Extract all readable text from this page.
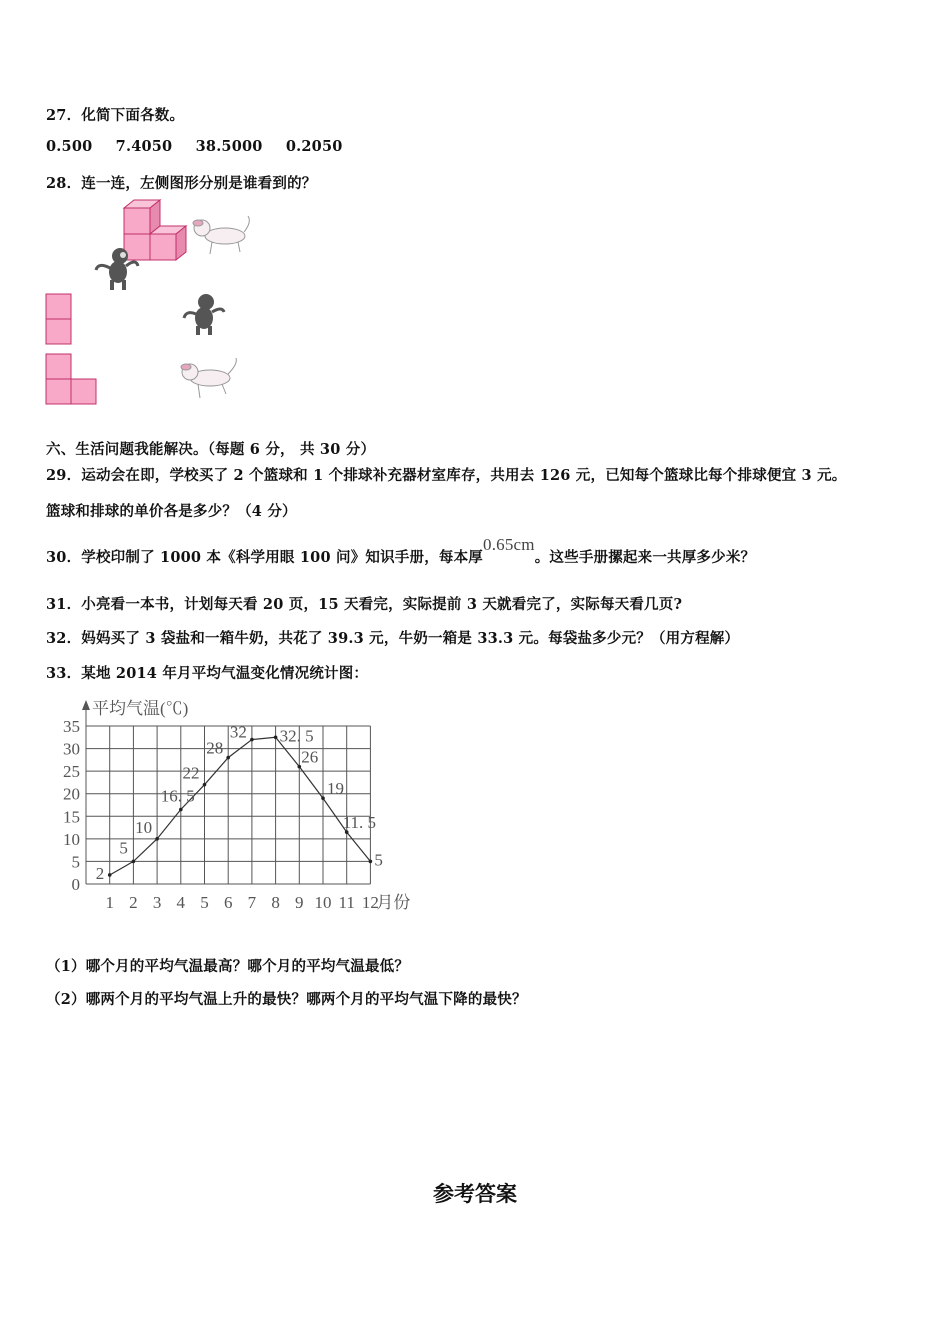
27．化简下面各数。
0.500 7.4050 38.5000 0.2050
28．连一连，左侧图形分别是谁看到的？
六、生活问题我能解决。（每题 6 分， 共 30 分）
29．运动会在即，学校买了 2 个篮球和 1 个排球补充器材室库存，共用去 126 元，已知每个篮球比每个排球便宜 3 元。
篮球和排球的单价各是多少？（4 分）
30．学校印制了 1000 本《科学用眼 100 问》知识手册，每本厚0.65cm。这些手册摞起来一共厚多少米？
31．小亮看一本书，计划每天看 20 页，15 天看完，实际提前 3 天就看完了，实际每天看几页?
32．妈妈买了 3 袋盐和一箱牛奶，共花了 39.3 元，牛奶一箱是 33.3 元。每袋盐多少元？（用方程解）
33．某地 2014 年月平均气温变化情况统计图：
0
5
10
15
20
25
30
35
1 2 3 4 5 6 7 8 9 10 11 12
平均气温(℃)
月份
2
5
10
16. 5
22
28
32 32. 5
26
19
11. 5
5
（1）哪个月的平均气温最高？哪个月的平均气温最低？
（2）哪两个月的平均气温上升的最快？哪两个月的平均气温下降的最快？
参考答案
